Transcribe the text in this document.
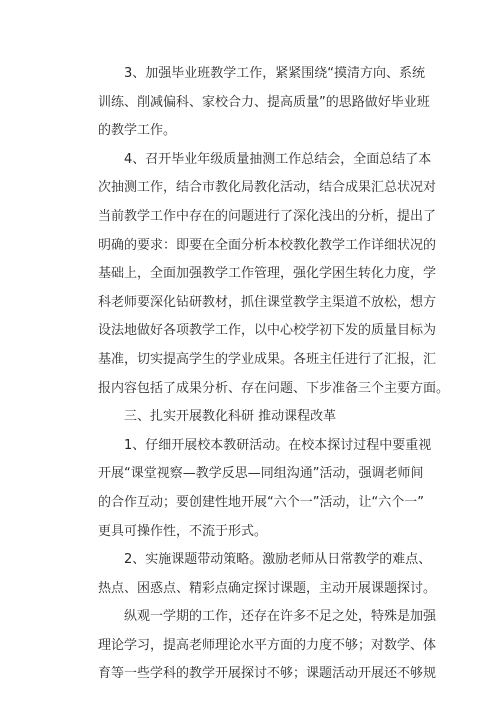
3、加强毕业班教学工作，紧紧围绕“摸清方向、系统
训练、削减偏科、家校合力、提高质量”的思路做好毕业班
的教学工作。
4、召开毕业年级质量抽测工作总结会，全面总结了本
次抽测工作，结合市教化局教化活动，结合成果汇总状况对
当前教学工作中存在的问题进行了深化浅出的分析，提出了
明确的要求：即要在全面分析本校教化教学工作详细状况的
基础上，全面加强教学工作管理，强化学困生转化力度，学
科老师要深化钻研教材，抓住课堂教学主渠道不放松，想方
设法地做好各项教学工作，以中心校学初下发的质量目标为
基准，切实提高学生的学业成果。各班主任进行了汇报，汇
报内容包括了成果分析、存在问题、下步准备三个主要方面。
三、扎实开展教化科研 推动课程改革
1、仔细开展校本教研活动。在校本探讨过程中要重视
开展“课堂视察—教学反思—同组沟通”活动，强调老师间
的合作互动；要创建性地开展“六个一”活动，让“六个一”
更具可操作性，不流于形式。
2、实施课题带动策略。激励老师从日常教学的难点、
热点、困惑点、精彩点确定探讨课题，主动开展课题探讨。
纵观一学期的工作，还存在许多不足之处，特殊是加强
理论学习，提高老师理论水平方面的力度不够；对数学、体
育等一些学科的教学开展探讨不够；课题活动开展还不够规
